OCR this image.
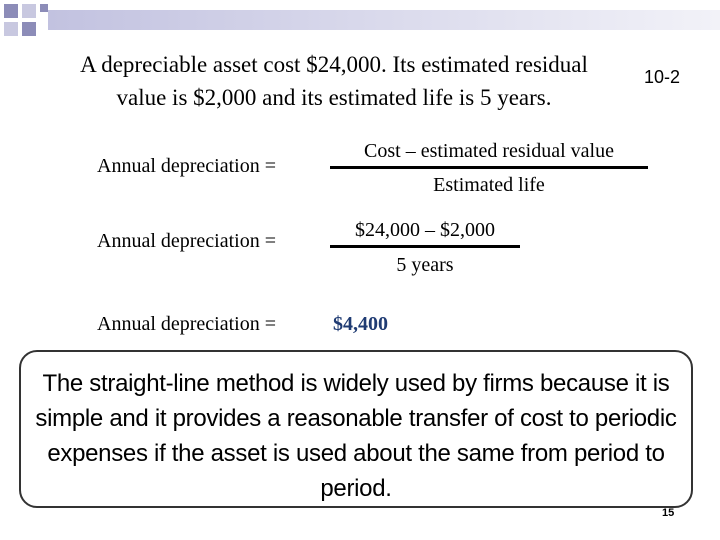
A depreciable asset cost $24,000. Its estimated residual
value is $2,000 and its estimated life is 5 years.
10-2
Annual depreciation =
Cost – estimated residual value
Estimated life
Annual depreciation =	$24,000 – $2,000
5 years
Annual depreciation =	$4,400
The straight-line method is widely used by firms because it is simple and it provides a reasonable transfer of cost to periodic expenses if the asset is used about the same from period to period.
15
